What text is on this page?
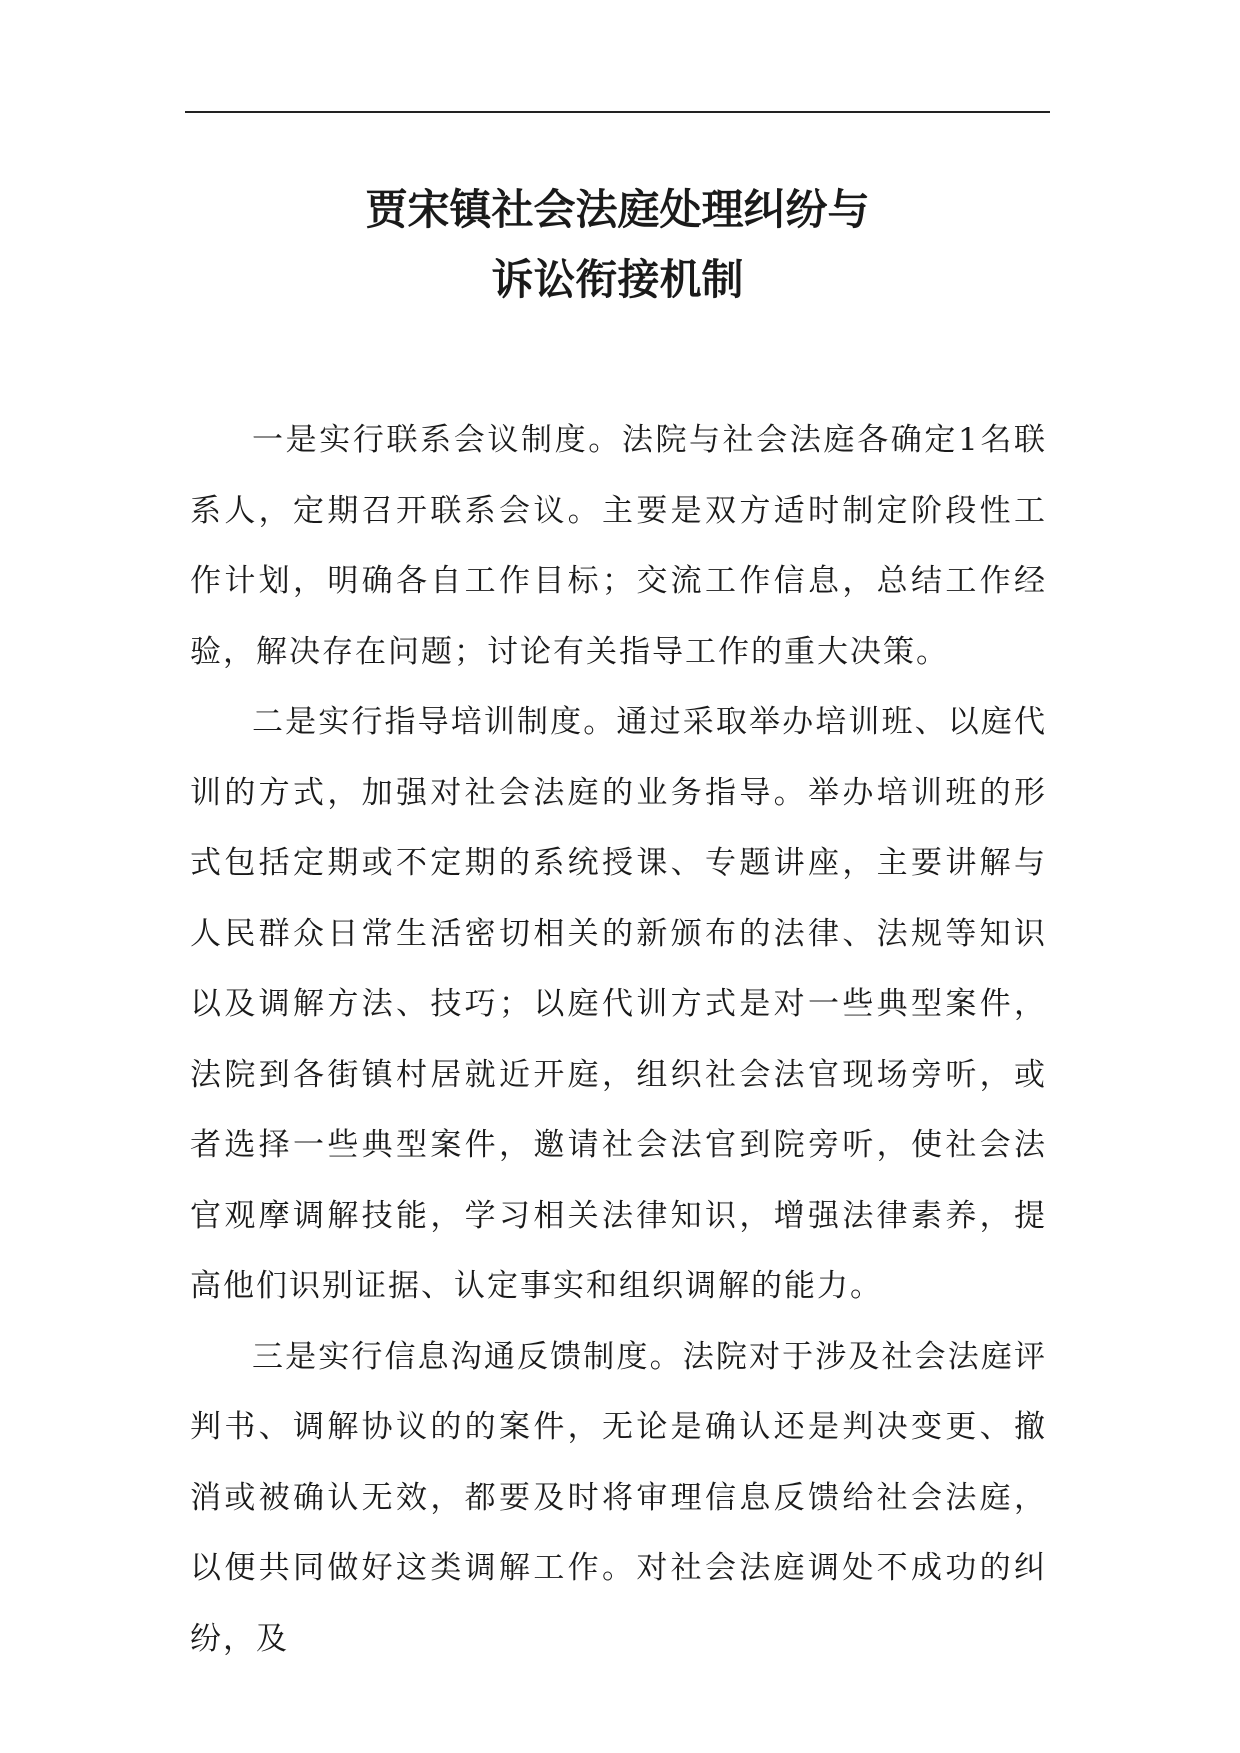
贾宋镇社会法庭处理纠纷与
诉讼衔接机制

一是实行联系会议制度。法院与社会法庭各确定1名联系人，定期召开联系会议。主要是双方适时制定阶段性工作计划，明确各自工作目标；交流工作信息，总结工作经验，解决存在问题；讨论有关指导工作的重大决策。

二是实行指导培训制度。通过采取举办培训班、以庭代训的方式，加强对社会法庭的业务指导。举办培训班的形式包括定期或不定期的系统授课、专题讲座，主要讲解与人民群众日常生活密切相关的新颁布的法律、法规等知识以及调解方法、技巧；以庭代训方式是对一些典型案件，法院到各街镇村居就近开庭，组织社会法官现场旁听，或者选择一些典型案件，邀请社会法官到院旁听，使社会法官观摩调解技能，学习相关法律知识，增强法律素养，提高他们识别证据、认定事实和组织调解的能力。

三是实行信息沟通反馈制度。法院对于涉及社会法庭评判书、调解协议的的案件，无论是确认还是判决变更、撤消或被确认无效，都要及时将审理信息反馈给社会法庭，以便共同做好这类调解工作。对社会法庭调处不成功的纠纷，及
